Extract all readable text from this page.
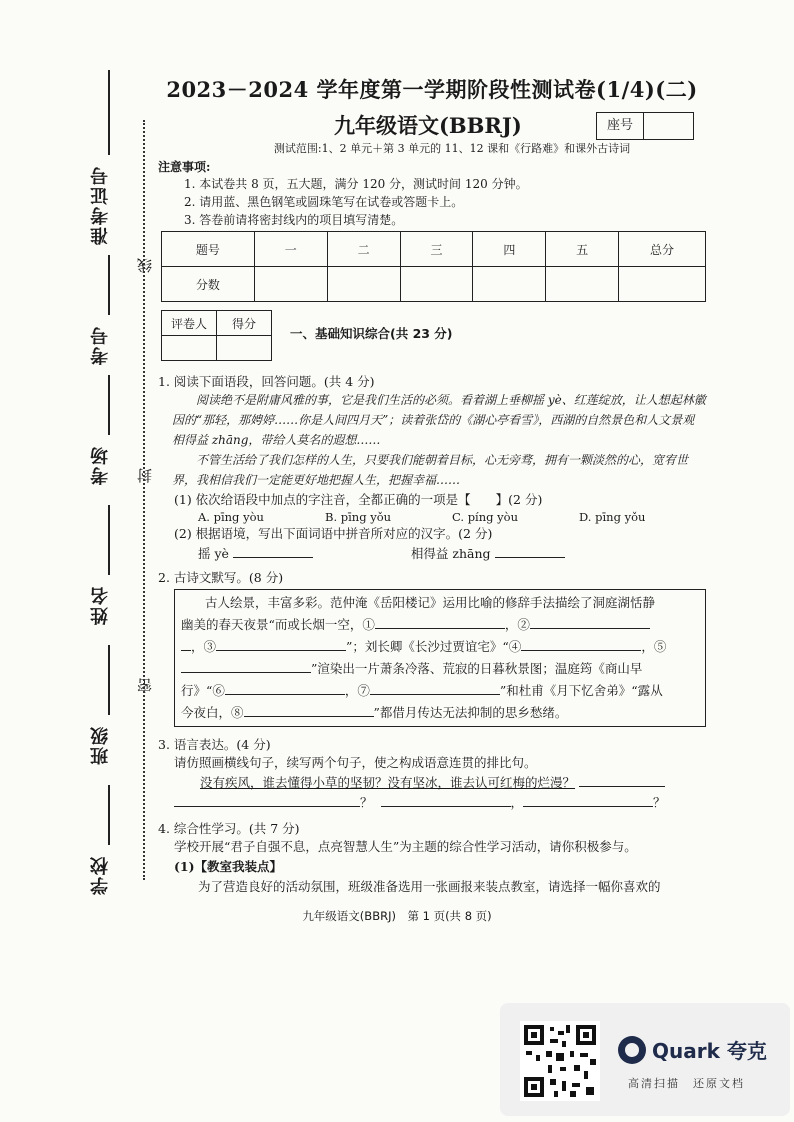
准考证号
考号
考场
姓名
班级
学校
线
封
密
2023－2024 学年度第一学期阶段性测试卷(1/4)(二)
九年级语文(BBRJ)	座号
测试范围:1、2 单元＋第 3 单元的 11、12 课和《行路难》和课外古诗词
注意事项:
1. 本试卷共 8 页，五大题，满分 120 分，测试时间 120 分钟。
2. 请用蓝、黑色钢笔或圆珠笔写在试卷或答题卡上。
3. 答卷前请将密封线内的项目填写清楚。
题号	一	二	三	四	五	总分
分数						
评卷人	得分

一、基础知识综合(共 23 分)
1. 阅读下面语段，回答问题。(共 4 分)
阅读绝不是附庸风雅的事，它是我们生活的必须。看着湖上垂柳摇 yè、红莲绽放，让人想起林徽因的“那轻，那娉婷……你是人间四月天”；读着张岱的《湖心亭看雪》，西湖的自然景色和人文景观相得益 zhāng，带给人莫名的遐想……
不管生活给了我们怎样的人生，只要我们能朝着目标，心无旁骛，拥有一颗淡然的心，宽宥世界，我相信我们一定能更好地把握人生，把握幸福……
(1) 依次给语段中加点的字注音，全都正确的一项是【　　】(2 分)
A. pīng yòu	B. pīng yǒu	C. píng yòu	D. pīng yǒu
(2) 根据语境，写出下面词语中拼音所对应的汉字。(2 分)
摇 yè	相得益 zhāng
2. 古诗文默写。(8 分)
古人绘景，丰富多彩。范仲淹《岳阳楼记》运用比喻的修辞手法描绘了洞庭湖恬静
幽美的春天夜景“而或长烟一空，①	，②
，③	”；刘长卿《长沙过贾谊宅》“④	，⑤
”渲染出一片萧条冷落、荒寂的日暮秋景图；温庭筠《商山早
行》“⑥	，⑦	”和杜甫《月下忆舍弟》“露从
今夜白，⑧	”都借月传达无法抑制的思乡愁绪。
3. 语言表达。(4 分)
请仿照画横线句子，续写两个句子，使之构成语意连贯的排比句。
没有疾风，谁去懂得小草的坚韧？没有坚冰，谁去认可红梅的烂漫？
？	，	？
4. 综合性学习。(共 7 分)
学校开展“君子自强不息，点亮智慧人生”为主题的综合性学习活动，请你积极参与。
(1)【教室我装点】
为了营造良好的活动氛围，班级准备选用一张画报来装点教室，请选择一幅你喜欢的
九年级语文(BBRJ)　第 1 页(共 8 页)
Quark 夸克
高清扫描　还原文档
